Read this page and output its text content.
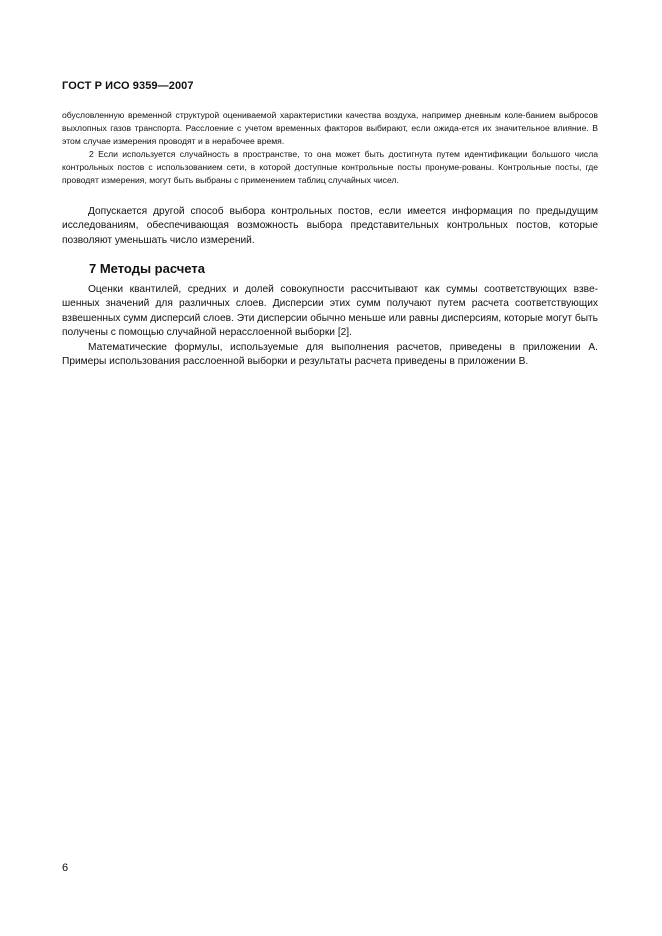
ГОСТ Р ИСО 9359—2007

обусловленную временной структурой оцениваемой характеристики качества воздуха, например дневным коле-банием выбросов выхлопных газов транспорта. Расслоение с учетом временных факторов выбирают, если ожида-ется их значительное влияние. В этом случае измерения проводят и в нерабочее время.

2 Если используется случайность в пространстве, то она может быть достигнута путем идентификации большого числа контрольных постов с использованием сети, в которой доступные контрольные посты пронуме-рованы. Контрольные посты, где проводят измерения, могут быть выбраны с применением таблиц случайных чисел.

Допускается другой способ выбора контрольных постов, если имеется информация по предыдущим исследованиям, обеспечивающая возможность выбора представительных контрольных постов, которые позволяют уменьшать число измерений.

7 Методы расчета

Оценки квантилей, средних и долей совокупности рассчитывают как суммы соответствующих взве-шенных значений для различных слоев. Дисперсии этих сумм получают путем расчета соответствующих взвешенных сумм дисперсий слоев. Эти дисперсии обычно меньше или равны дисперсиям, которые могут быть получены с помощью случайной нерасслоенной выборки [2].

Математические формулы, используемые для выполнения расчетов, приведены в приложении А. Примеры использования расслоенной выборки и результаты расчета приведены в приложении В.

6
